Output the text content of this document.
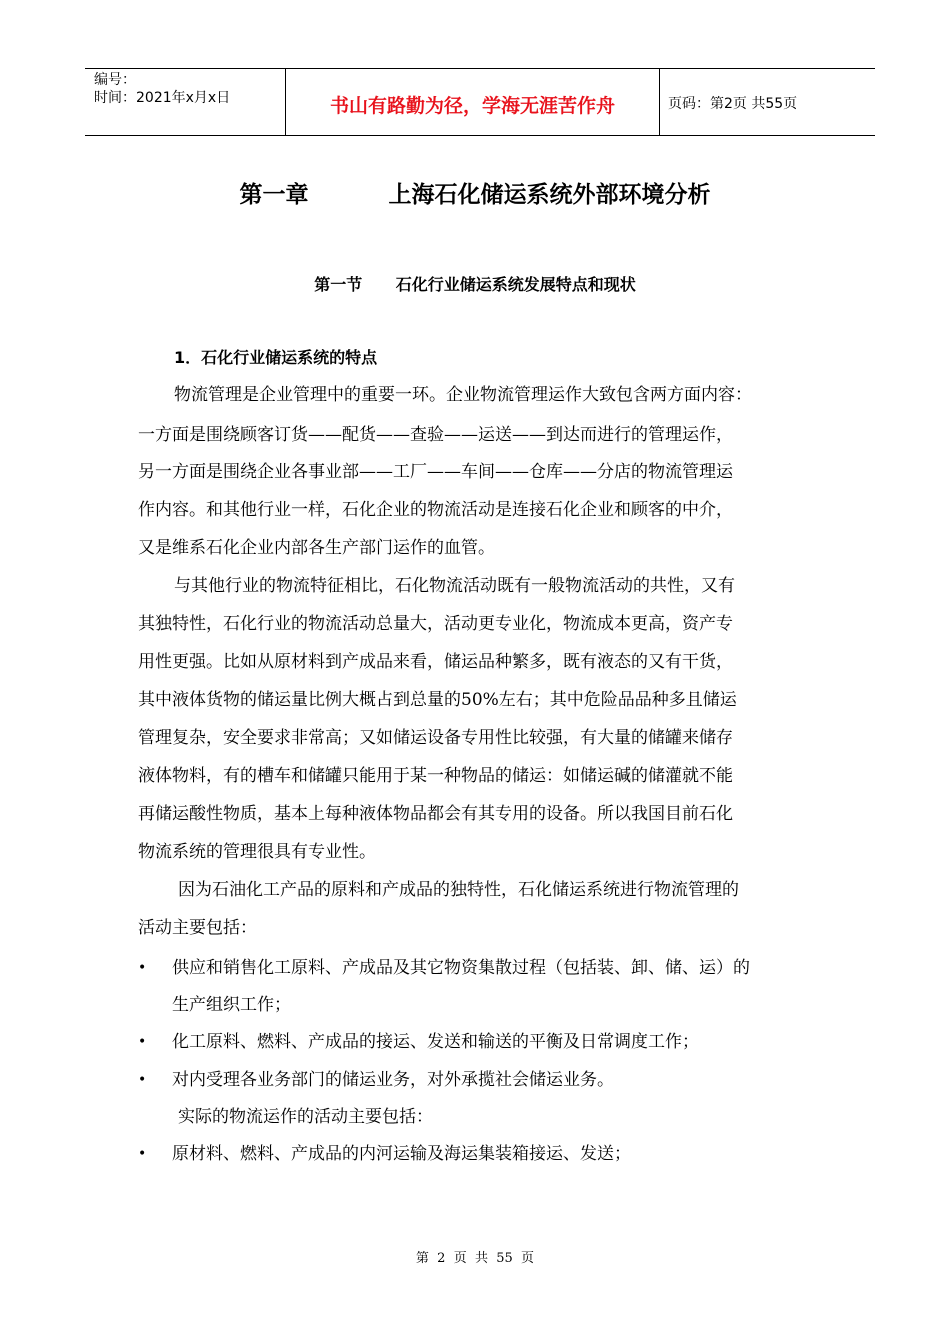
编号：
时间：2021年x月x日	书山有路勤为径，学海无涯苦作舟	页码：第2页 共55页
第一章          上海石化储运系统外部环境分析
第一节      石化行业储运系统发展特点和现状
1．石化行业储运系统的特点
物流管理是企业管理中的重要一环。企业物流管理运作大致包含两方面内容：
一方面是围绕顾客订货——配货——查验——运送——到达而进行的管理运作，
另一方面是围绕企业各事业部——工厂——车间——仓库——分店的物流管理运
作内容。和其他行业一样，石化企业的物流活动是连接石化企业和顾客的中介，
又是维系石化企业内部各生产部门运作的血管。
与其他行业的物流特征相比，石化物流活动既有一般物流活动的共性，又有
其独特性，石化行业的物流活动总量大，活动更专业化，物流成本更高，资产专
用性更强。比如从原材料到产成品来看，储运品种繁多，既有液态的又有干货，
其中液体货物的储运量比例大概占到总量的50%左右；其中危险品品种多且储运
管理复杂，安全要求非常高；又如储运设备专用性比较强，有大量的储罐来储存
液体物料，有的槽车和储罐只能用于某一种物品的储运：如储运碱的储灌就不能
再储运酸性物质，基本上每种液体物品都会有其专用的设备。所以我国目前石化
物流系统的管理很具有专业性。
因为石油化工产品的原料和产成品的独特性，石化储运系统进行物流管理的
活动主要包括：
• 供应和销售化工原料、产成品及其它物资集散过程（包括装、卸、储、运）的
生产组织工作；
• 化工原料、燃料、产成品的接运、发送和输送的平衡及日常调度工作；
• 对内受理各业务部门的储运业务，对外承揽社会储运业务。
实际的物流运作的活动主要包括：
• 原材料、燃料、产成品的内河运输及海运集装箱接运、发送；
第  2  页  共  55  页
